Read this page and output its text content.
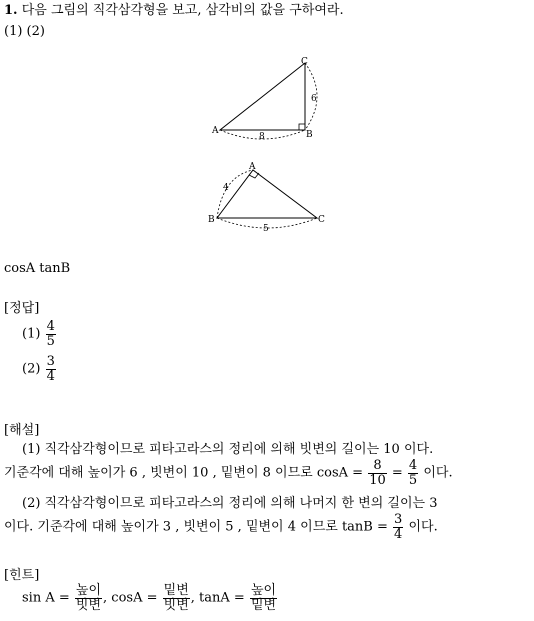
1. 다음 그림의 직각삼각형을 보고, 삼각비의 값을 구하여라.
(1) (2)
C
A	B
8
6
A
B	C
4
5
cosA tanB
[정답]
$(1) \frac{4}{5}$
$(2) \frac{3}{4}$
[해설]
(1) 직각삼각형이므로 피타고라스의 정리에 의해 빗변의 길이는 10 이다.
기준각에 대해 높이가 6 , 빗변이 10 , 밑변이 8 이므로 $\cos A = \frac{8}{10} = \frac{4}{5}$ 이다.
(2) 직각삼각형이므로 피타고라스의 정리에 의해 나머지 한 변의 길이는 3
이다. 기준각에 대해 높이가 3 , 빗변이 5 , 밑변이 4 이므로 $\tan B = \frac{3}{4}$ 이다.
[힌트]
$\sin A = \frac{\text{높이}}{\text{빗변}}$ , $\cos A = \frac{\text{밑변}}{\text{빗변}}$ , $\tan A = \frac{\text{높이}}{\text{밑변}}$
